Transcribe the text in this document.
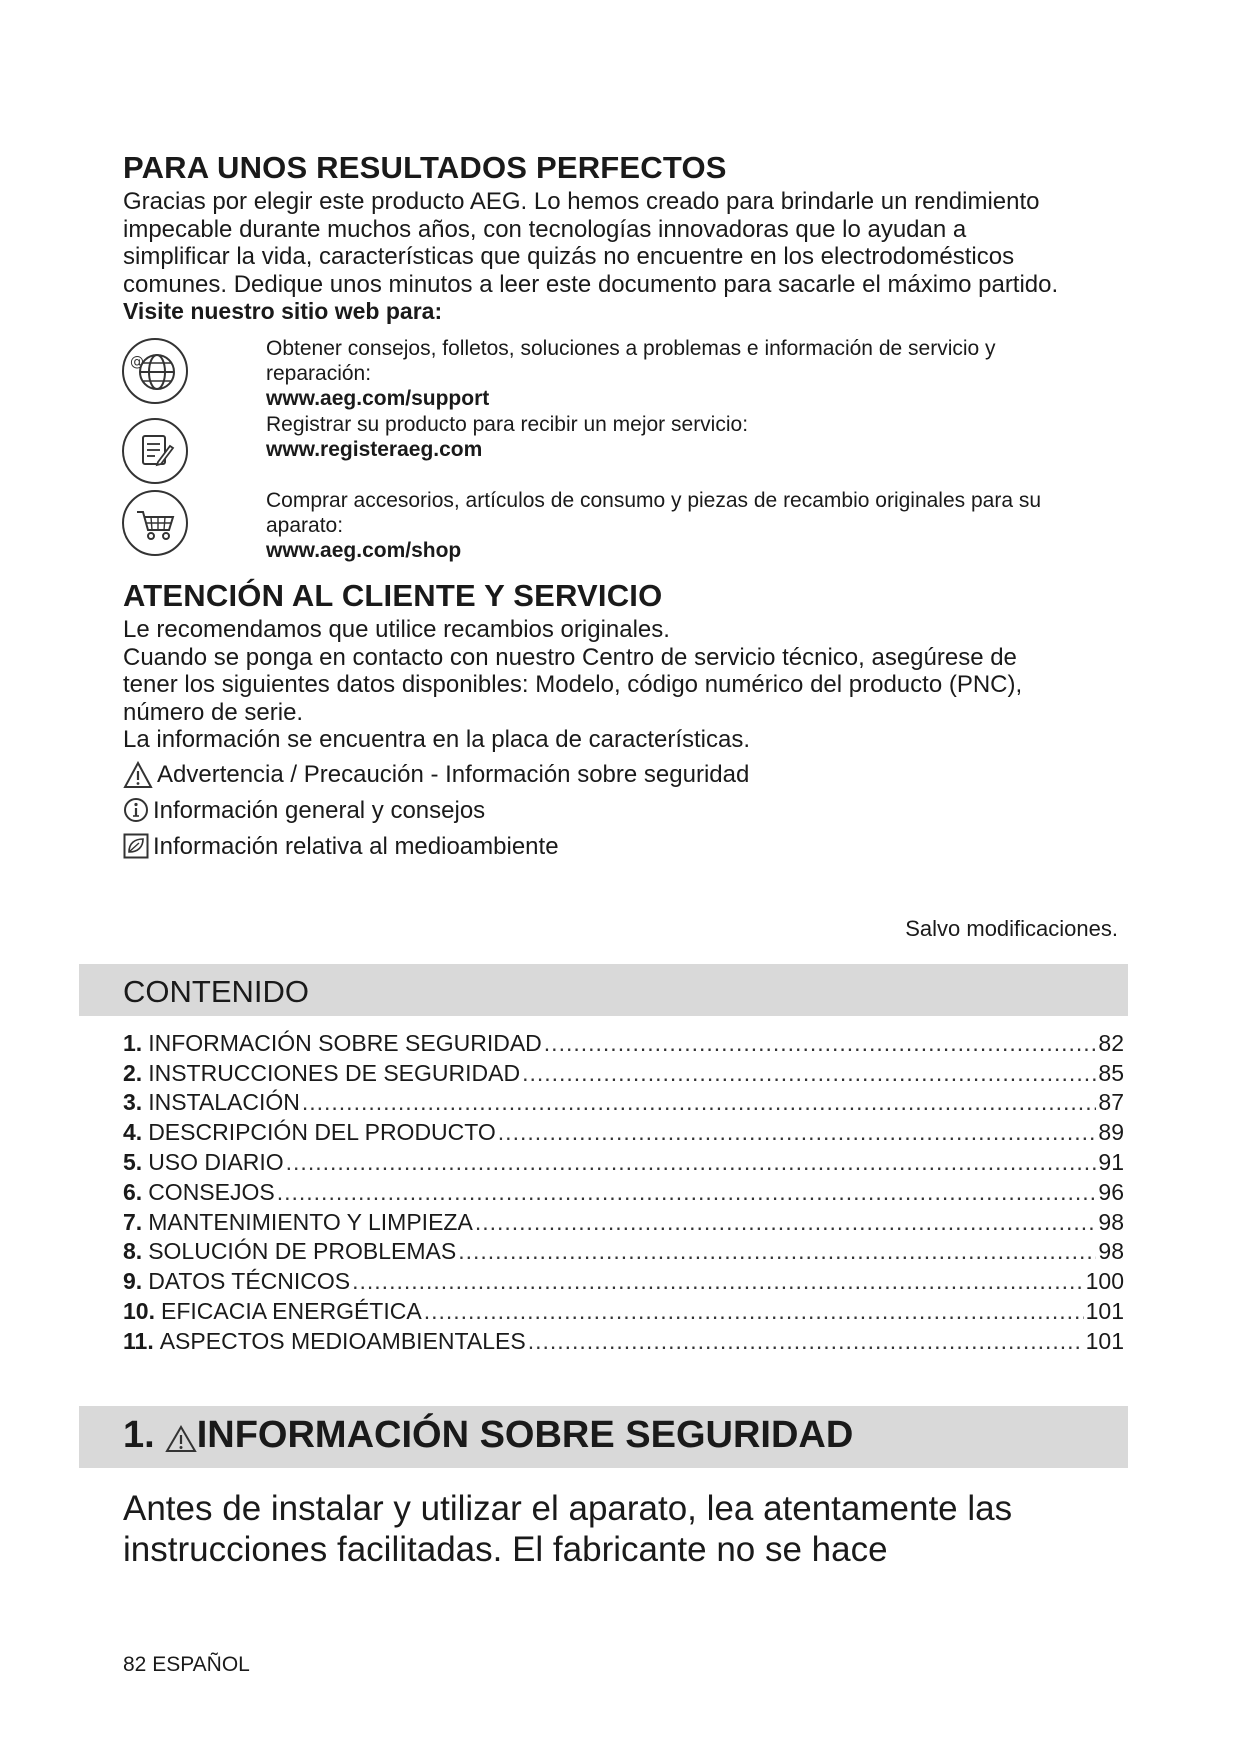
PARA UNOS RESULTADOS PERFECTOS
Gracias por elegir este producto AEG. Lo hemos creado para brindarle un rendimiento
impecable durante muchos años, con tecnologías innovadoras que lo ayudan a
simplificar la vida, características que quizás no encuentre en los electrodomésticos
comunes. Dedique unos minutos a leer este documento para sacarle el máximo partido.
Visite nuestro sitio web para:
@
Obtener consejos, folletos, soluciones a problemas e información de servicio y
reparación:
www.aeg.com/support
Registrar su producto para recibir un mejor servicio:
www.registeraeg.com
Comprar accesorios, artículos de consumo y piezas de recambio originales para su
aparato:
www.aeg.com/shop
ATENCIÓN AL CLIENTE Y SERVICIO
Le recomendamos que utilice recambios originales.
Cuando se ponga en contacto con nuestro Centro de servicio técnico, asegúrese de
tener los siguientes datos disponibles: Modelo, código numérico del producto (PNC),
número de serie.
La información se encuentra en la placa de características.
Advertencia / Precaución - Información sobre seguridad
Información general y consejos
Información relativa al medioambiente
Salvo modificaciones.
CONTENIDO
1. INFORMACIÓN SOBRE SEGURIDAD .....	82
2. INSTRUCCIONES DE SEGURIDAD .....	85
3. INSTALACIÓN .....	87
4. DESCRIPCIÓN DEL PRODUCTO .....	89
5. USO DIARIO .....	91
6. CONSEJOS .....	96
7. MANTENIMIENTO Y LIMPIEZA .....	98
8. SOLUCIÓN DE PROBLEMAS .....	98
9. DATOS TÉCNICOS .....	100
10. EFICACIA ENERGÉTICA .....	101
11. ASPECTOS MEDIOAMBIENTALES .....	101
1. INFORMACIÓN SOBRE SEGURIDAD
Antes de instalar y utilizar el aparato, lea atentamente las
instrucciones facilitadas. El fabricante no se hace
82 ESPAÑOL
